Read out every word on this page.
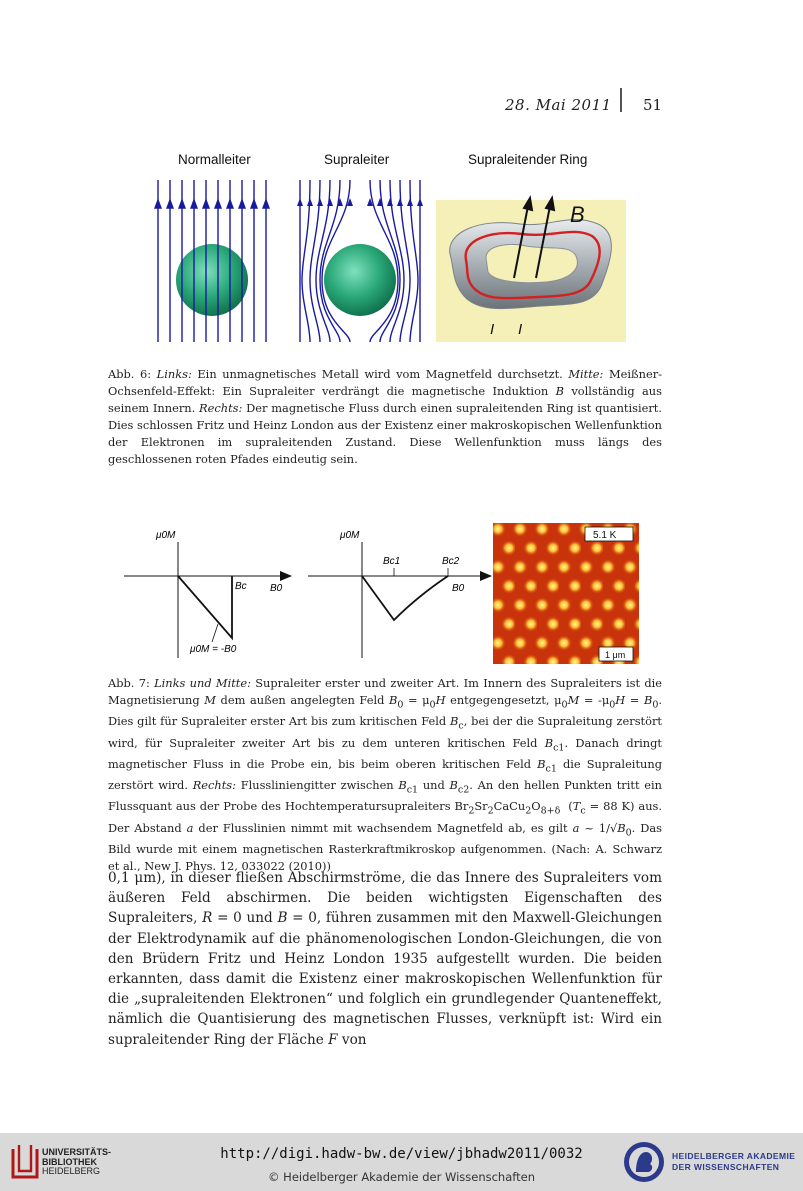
28. Mai 2011 51
Normalleiter	Supraleiter	Supraleitender Ring
B
I I
Abb. 6: Links: Ein unmagnetisches Metall wird vom Magnetfeld durchsetzt. Mitte: Meißner-Ochsenfeld-Effekt: Ein Supraleiter verdrängt die magnetische Induktion B vollständig aus seinem Innern. Rechts: Der magnetische Fluss durch einen supraleitenden Ring ist quantisiert. Dies schlossen Fritz und Heinz London aus der Existenz einer makroskopischen Wellenfunktion der Elektronen im supraleitenden Zustand. Diese Wellenfunktion muss längs des geschlossenen roten Pfades eindeutig sein.
μ0M
Bc B0
μ0M = -B0
μ0M
Bc1	Bc2
B0
5.1 K
1 μm
Abb. 7: Links und Mitte: Supraleiter erster und zweiter Art. Im Innern des Supraleiters ist die Magnetisierung M dem außen angelegten Feld $B_0 = \mu_0H$ entgegengesetzt, $\mu_0M = -\mu_0H = B_0$. Dies gilt für Supraleiter erster Art bis zum kritischen Feld $B_c$, bei der die Supraleitung zerstört wird, für Supraleiter zweiter Art bis zu dem unteren kritischen Feld $B_{c1}$. Danach dringt magnetischer Fluss in die Probe ein, bis beim oberen kritischen Feld $B_{c1}$ die Supraleitung zerstört wird. Rechts: Flussliniengitter zwischen $B_{c1}$ und $B_{c2}$. An den hellen Punkten tritt ein Flussquant aus der Probe des Hochtemperatursupraleiters $Br_2Sr_2CaCu_2O_{8+\delta}$  ($T_c = 88$ K) aus. Der Abstand a der Flusslinien nimmt mit wachsendem Magnetfeld ab, es gilt a ~ $1/√B_0$. Das Bild wurde mit einem magnetischen Rasterkraftmikroskop aufgenommen. (Nach: A. Schwarz et al., New J. Phys. 12, 033022 (2010))

0,1 μm), in dieser fließen Abschirmströme, die das Innere des Supraleiters vom äußeren Feld abschirmen. Die beiden wichtigsten Eigenschaften des Supraleiters, R = 0 und B = 0, führen zusammen mit den Maxwell-Gleichungen der Elektrodynamik auf die phänomenologischen London-Gleichungen, die von den Brüdern Fritz und Heinz London 1935 aufgestellt wurden. Die beiden erkannten, dass damit die Existenz einer makroskopischen Wellenfunktion für die „supraleitenden Elektronen“ und folglich ein grundlegender Quanteneffekt, nämlich die Quantisierung des magnetischen Flusses, verknüpft ist: Wird ein supraleitender Ring der Fläche F von

UNIVERSITÄTS-
BIBLIOTHEK
HEIDELBERG
http://digi.hadw-bw.de/view/jbhadw2011/0032
© Heidelberger Akademie der Wissenschaften
HEIDELBERGER AKADEMIE
DER WISSENSCHAFTEN
